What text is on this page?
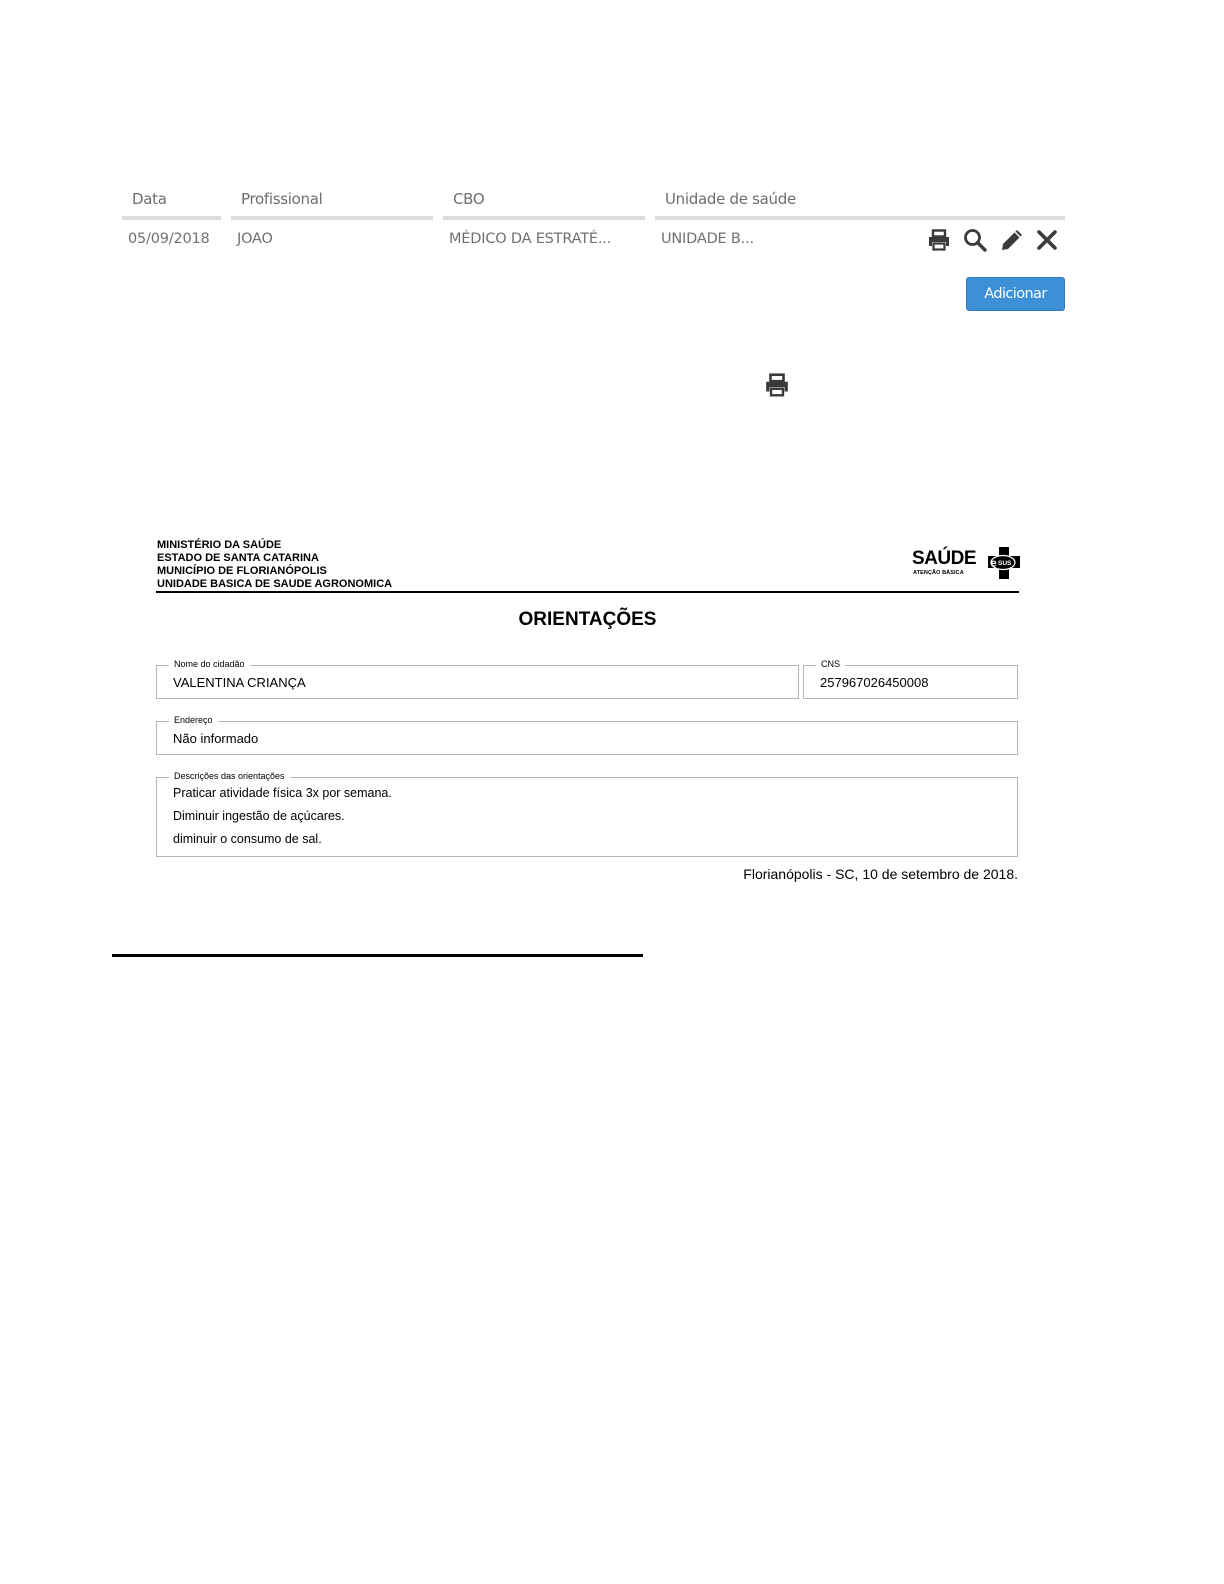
Data	Profissional	CBO	Unidade de saúde
05/09/2018 JOAO	MÉDICO DA ESTRATÉ...	UNIDADE B...
Adicionar
MINISTÉRIO DA SAÚDE
ESTADO DE SANTA CATARINA
MUNICÍPIO DE FLORIANÓPOLIS
UNIDADE BASICA DE SAUDE AGRONOMICA
SAÚDE
ATENÇÃO BÁSICA
e SUS
ORIENTAÇÕES
Nome do cidadão
VALENTINA CRIANÇA
CNS
257967026450008
Endereço
Não informado
Descrições das orientações
Praticar atividade física 3x por semana.
Diminuir ingestão de açúcares.
diminuir o consumo de sal.
Florianópolis - SC, 10 de setembro de 2018.
